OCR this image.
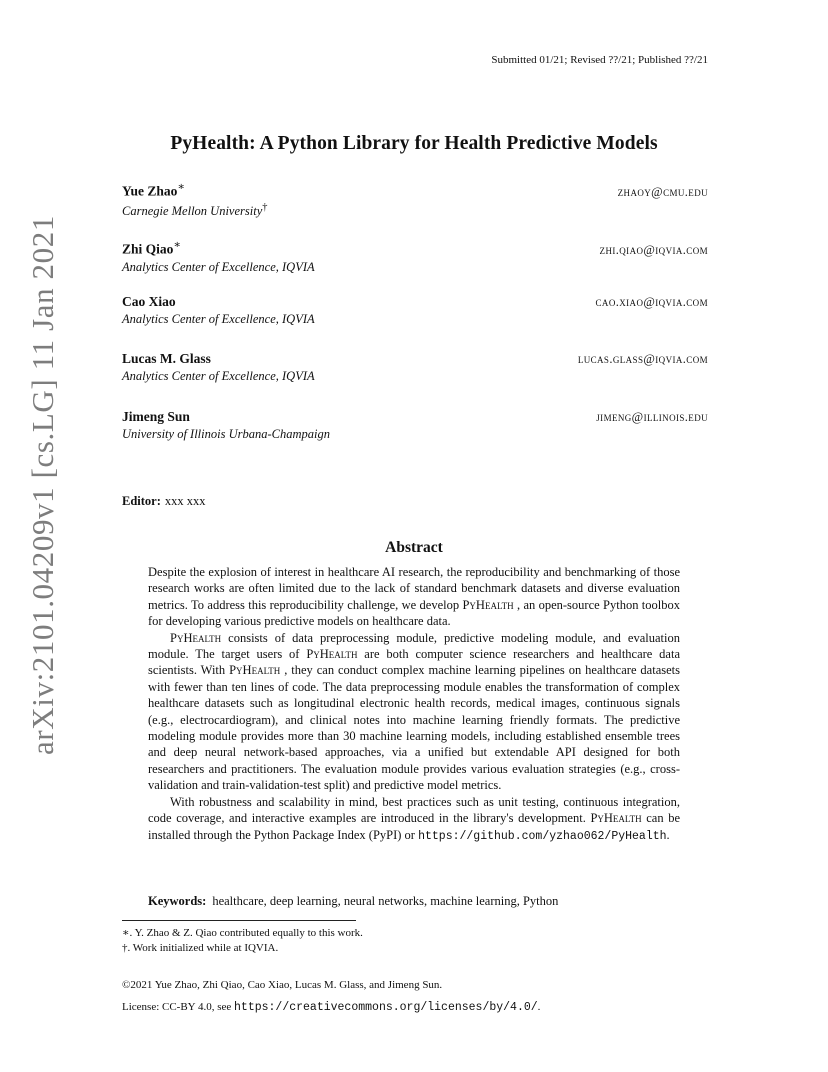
Submitted 01/21; Revised ??/21; Published ??/21
arXiv:2101.04209v1 [cs.LG] 11 Jan 2021
PyHealth: A Python Library for Health Predictive Models
Yue Zhao∗	zhaoy@cmu.edu
Carnegie Mellon University†
Zhi Qiao∗	zhi.qiao@iqvia.com
Analytics Center of Excellence, IQVIA
Cao Xiao	cao.xiao@iqvia.com
Analytics Center of Excellence, IQVIA
Lucas M. Glass	lucas.glass@iqvia.com
Analytics Center of Excellence, IQVIA
Jimeng Sun	jimeng@illinois.edu
University of Illinois Urbana-Champaign
Editor: xxx xxx
Abstract

Despite the explosion of interest in healthcare AI research, the reproducibility and benchmarking of those research works are often limited due to the lack of standard benchmark datasets and diverse evaluation metrics. To address this reproducibility challenge, we develop PyHealth , an open-source Python toolbox for developing various predictive models on healthcare data.

PyHealth consists of data preprocessing module, predictive modeling module, and evaluation module. The target users of PyHealth are both computer science researchers and healthcare data scientists. With PyHealth , they can conduct complex machine learning pipelines on healthcare datasets with fewer than ten lines of code. The data preprocessing module enables the transformation of complex healthcare datasets such as longitudinal electronic health records, medical images, continuous signals (e.g., electrocardiogram), and clinical notes into machine learning friendly formats. The predictive modeling module provides more than 30 machine learning models, including established ensemble trees and deep neural network-based approaches, via a unified but extendable API designed for both researchers and practitioners. The evaluation module provides various evaluation strategies (e.g., cross-validation and train-validation-test split) and predictive model metrics.

With robustness and scalability in mind, best practices such as unit testing, continuous integration, code coverage, and interactive examples are introduced in the library's development. PyHealth can be installed through the Python Package Index (PyPI) or https://github.com/yzhao062/PyHealth.

Keywords: healthcare, deep learning, neural networks, machine learning, Python
∗. Y. Zhao & Z. Qiao contributed equally to this work.
†. Work initialized while at IQVIA.
©2021 Yue Zhao, Zhi Qiao, Cao Xiao, Lucas M. Glass, and Jimeng Sun.
License: CC-BY 4.0, see https://creativecommons.org/licenses/by/4.0/.
